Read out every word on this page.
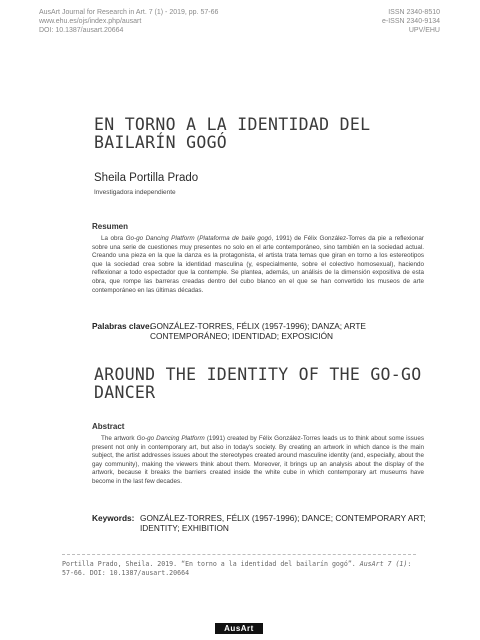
AusArt Journal for Research in Art. 7 (1) - 2019, pp. 57-66
www.ehu.es/ojs/index.php/ausart
DOI: 10.1387/ausart.20664
ISSN 2340-8510
e-ISSN 2340-9134
UPV/EHU
EN TORNO A LA IDENTIDAD DEL
BAILARÍN GOGÓ
Sheila Portilla Prado
Investigadora independiente
Resumen
La obra Go-go Dancing Platform (Plataforma de baile gogó, 1991) de Félix González-Torres da pie a reflexionar sobre una serie de cuestiones muy presentes no solo en el arte contemporáneo, sino también en la sociedad actual. Creando una pieza en la que la danza es la protagonista, el artista trata temas que giran en torno a los estereotipos que la sociedad crea sobre la identidad masculina (y, especialmente, sobre el colectivo homosexual), haciendo reflexionar a todo espectador que la contemple. Se plantea, además, un análisis de la dimensión expositiva de esta obra, que rompe las barreras creadas dentro del cubo blanco en el que se han convertido los museos de arte contemporáneo en las últimas décadas.
Palabras clave:
GONZÁLEZ-TORRES, FÉLIX (1957-1996); DANZA; ARTE CONTEMPORÁNEO; IDENTIDAD; EXPOSICIÓN
AROUND THE IDENTITY OF THE GO-GO
DANCER
Abstract
The artwork Go-go Dancing Platform (1991) created by Félix González-Torres leads us to think about some issues present not only in contemporary art, but also in today's society. By creating an artwork in which dance is the main subject, the artist addresses issues about the stereotypes created around masculine identity (and, especially, about the gay community), making the viewers think about them. Moreover, it brings up an analysis about the display of the artwork, because it breaks the barriers created inside the white cube in which contemporary art museums have become in the last few decades.
Keywords: GONZÁLEZ-TORRES, FÉLIX (1957-1996); DANCE; CONTEMPORARY ART; IDENTITY; EXHIBITION
Portilla Prado, Sheila. 2019. “En torno a la identidad del bailarín gogó”. AusArt 7 (1): 57-66. DOI: 10.1387/ausart.20664
AusArt
